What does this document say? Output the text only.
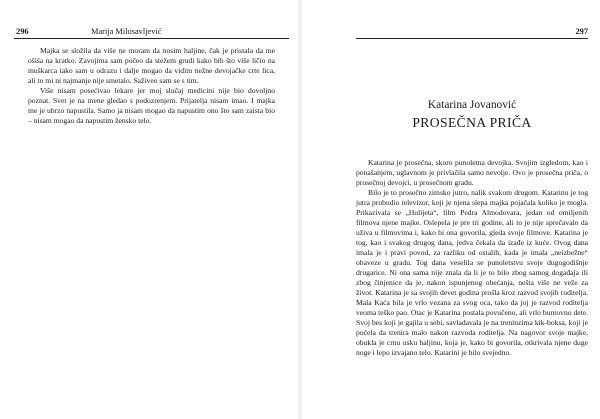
296	Marija Milosavljević

Majka se složila da više ne moram da nosim haljine, čak je pristala da me ošiša na kratko. Zavojima sam počeo da stežem grudi kako bih što više ličio na muškarca iako sam u odrazu i dalje mogao da vidim nežne devojačke crte lica, ali to mi ni najmanje nije smetalo. Saživeo sam se s tim.

Više nisam posećivao lekare jer moj slučaj medicini nije bio dovoljno poznat. Svet je na mene gledao s podozrenjem. Prijatelja nisam imao. I majka me je ubrzo napustila. Samo ja nisam mogao da napustim ono što sam zaista bio – nisam mogao da napustim žensko telo.

297
Katarina Jovanović
PROSEČNA PRIČA

Katarina je prosečna, skoro punoletna devojka. Svojim izgledom, kao i ponašanjem, uglavnom je privlačila samo nevolje. Ovo je prosečna priča, o prosečnoj devojci, u prosečnom gradu.

Bilo je to prosečno zimsko jutro, nalik svakom drugom. Katarinu je tog jutra probudio televizor, koji je njena slepa majka pojačala koliko je mogla. Prikazivala se „Hulijeta“, film Pedra Almodovara, jedan od omiljenih filmova njene majke. Oslepela je pre tri godine, ali to je nije sprečavalo da uživa u filmovima i, kako bi ona govorila, gleda svoje filmove. Katarina je tog, kao i svakog drugog dana, jedva čekala da izađe iz kuće. Ovog dana imala je i pravi povod, za razliku od ostalih, kada je imala „neizbežne“ obaveze u gradu. Tog dana veselila se punoletstvu svoje dugogodišnje drugarice. Ni ona sama nije znala da li je to bilo zbog samog događaja ili zbog činjenice da je, nakon ispunjenog obećanja, nešta više ne veže za život. Katarina je sa svojih devet godina prošla kroz razvod svojih roditelja. Mala Kaća bila je vrlo vezana za svog oca, tako da joj je razvod roditelja veoma teško pao. Otac je Katarina postala povučeno, ali vrlo buntovno dete. Svoj bes koji je gajila u sebi, savladavala je na treninzima kik-boksa, koji je počela da trenira malo nakon razvoda roditelja. Na nagovor svoje majke, obukla je crnu usku haljinu, koja je, kako bi govorila, otkrivala njene duge noge i lepo izvajano telo. Katarini je bilo svejedno.
